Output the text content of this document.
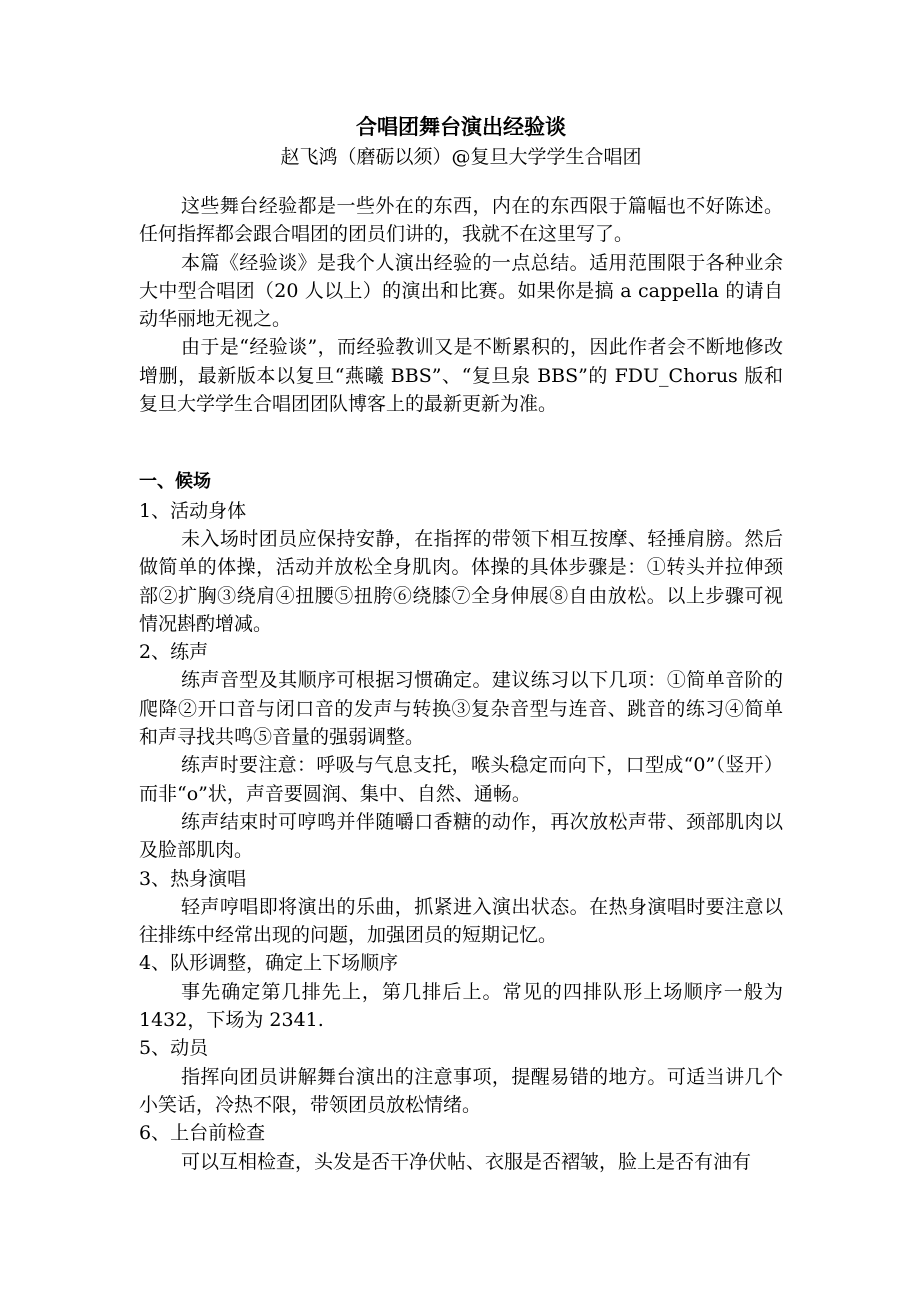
合唱团舞台演出经验谈
赵飞鸿（磨砺以须）@复旦大学学生合唱团

这些舞台经验都是一些外在的东西，内在的东西限于篇幅也不好陈述。任何指挥都会跟合唱团的团员们讲的，我就不在这里写了。

本篇《经验谈》是我个人演出经验的一点总结。适用范围限于各种业余大中型合唱团（20 人以上）的演出和比赛。如果你是搞 a cappella 的请自动华丽地无视之。

由于是“经验谈”，而经验教训又是不断累积的，因此作者会不断地修改增删，最新版本以复旦“燕曦 BBS”、“复旦泉 BBS”的 FDU_Chorus 版和复旦大学学生合唱团团队博客上的最新更新为准。

一、候场

1、活动身体

未入场时团员应保持安静，在指挥的带领下相互按摩、轻捶肩膀。然后做简单的体操，活动并放松全身肌肉。体操的具体步骤是：①转头并拉伸颈部②扩胸③绕肩④扭腰⑤扭胯⑥绕膝⑦全身伸展⑧自由放松。以上步骤可视情况斟酌增减。

2、练声

练声音型及其顺序可根据习惯确定。建议练习以下几项：①简单音阶的爬降②开口音与闭口音的发声与转换③复杂音型与连音、跳音的练习④简单和声寻找共鸣⑤音量的强弱调整。

练声时要注意：呼吸与气息支托，喉头稳定而向下，口型成“0”（竖开）而非“o”状，声音要圆润、集中、自然、通畅。

练声结束时可哼鸣并伴随嚼口香糖的动作，再次放松声带、颈部肌肉以及脸部肌肉。

3、热身演唱

轻声哼唱即将演出的乐曲，抓紧进入演出状态。在热身演唱时要注意以往排练中经常出现的问题，加强团员的短期记忆。

4、队形调整，确定上下场顺序

事先确定第几排先上，第几排后上。常见的四排队形上场顺序一般为1432，下场为 2341.

5、动员

指挥向团员讲解舞台演出的注意事项，提醒易错的地方。可适当讲几个小笑话，冷热不限，带领团员放松情绪。

6、上台前检查

可以互相检查，头发是否干净伏帖、衣服是否褶皱，脸上是否有油有
